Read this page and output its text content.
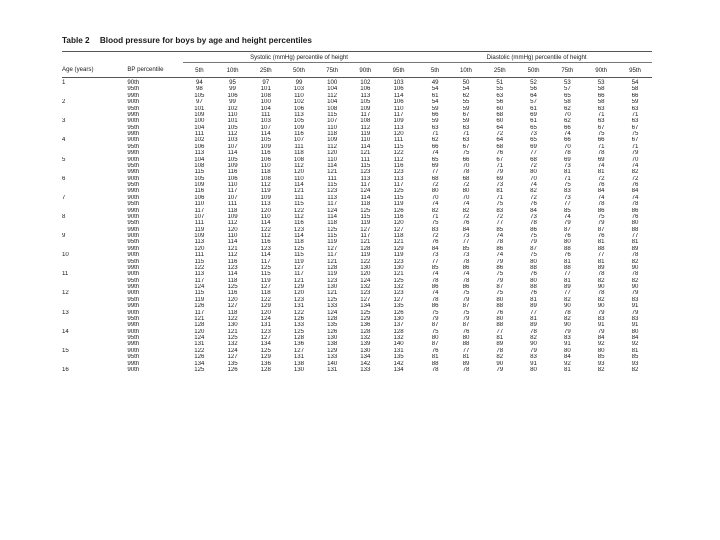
Table 2 Blood pressure for boys by age and height percentiles
		Systolic (mmHg) percentile of height							Diastolic (mmHg) percentile of height						
Age (years)	BP percentile	5th	10th	25th	50th	75th	90th	95th	5th	10th	25th	50th	75th	90th	95th
1	90th	94	95	97	99	100	102	103	49	50	51	52	53	53	54
	95th	98	99	101	103	104	106	106	54	54	55	56	57	58	58
	99th	105	106	108	110	112	113	114	61	62	63	64	65	66	66
2	90th	97	99	100	102	104	105	106	54	55	56	57	58	58	59
	95th	101	102	104	106	108	109	110	59	59	60	61	62	63	63
	99th	109	110	111	113	115	117	117	66	67	68	69	70	71	71
3	90th	100	101	103	105	107	108	109	59	59	60	61	62	63	63
	95th	104	105	107	109	110	112	113	63	63	64	65	66	67	67
	99th	111	112	114	116	118	119	120	71	71	72	73	74	75	75
4	90th	102	103	105	107	109	110	111	62	63	64	65	66	66	67
	95th	106	107	109	111	112	114	115	66	67	68	69	70	71	71
	99th	113	114	116	118	120	121	122	74	75	76	77	78	78	79
5	90th	104	105	106	108	110	111	112	65	66	67	68	69	69	70
	95th	108	109	110	112	114	115	116	69	70	71	72	73	74	74
	99th	115	116	118	120	121	123	123	77	78	79	80	81	81	82
6	90th	105	106	108	110	111	113	113	68	68	69	70	71	72	72
	95th	109	110	112	114	115	117	117	72	72	73	74	75	76	76
	99th	116	117	119	121	123	124	125	80	80	81	82	83	84	84
7	90th	106	107	109	111	113	114	115	70	70	71	72	73	74	74
	95th	110	111	113	115	117	118	119	74	74	75	76	77	78	78
	99th	117	118	120	122	124	125	126	82	82	83	84	85	86	86
8	90th	107	109	110	112	114	115	116	71	72	72	73	74	75	76
	95th	111	112	114	116	118	119	120	75	76	77	78	79	79	80
	99th	119	120	122	123	125	127	127	83	84	85	86	87	87	88
9	90th	109	110	112	114	115	117	118	72	73	74	75	76	76	77
	95th	113	114	116	118	119	121	121	76	77	78	79	80	81	81
	99th	120	121	123	125	127	128	129	84	85	86	87	88	88	89
10	90th	111	112	114	115	117	119	119	73	73	74	75	76	77	78
	95th	115	116	117	119	121	122	123	77	78	79	80	81	81	82
	99th	122	123	125	127	128	130	130	85	86	86	88	88	89	90
11	90th	113	114	115	117	119	120	121	74	74	75	76	77	78	78
	95th	117	118	119	121	123	124	125	78	78	79	80	81	82	82
	99th	124	125	127	129	130	132	132	86	86	87	88	89	90	90
12	90th	115	116	118	120	121	123	123	74	75	75	76	77	78	79
	95th	119	120	122	123	125	127	127	78	79	80	81	82	82	83
	99th	126	127	129	131	133	134	135	86	87	88	89	90	90	91
13	90th	117	118	120	122	124	125	126	75	75	76	77	78	79	79
	95th	121	122	124	126	128	129	130	79	79	80	81	82	83	83
	99th	128	130	131	133	135	136	137	87	87	88	89	90	91	91
14	90th	120	121	123	125	126	128	128	75	76	77	78	79	79	80
	95th	124	125	127	128	130	132	132	80	80	81	82	83	84	84
	99th	131	132	134	136	138	139	140	87	88	89	90	91	92	92
15	90th	122	124	125	127	129	130	131	76	77	78	79	80	80	81
	95th	126	127	129	131	133	134	135	81	81	82	83	84	85	85
	99th	134	135	136	138	140	142	142	88	89	90	91	92	93	93
16	90th	125	126	128	130	131	133	134	78	78	79	80	81	82	82
